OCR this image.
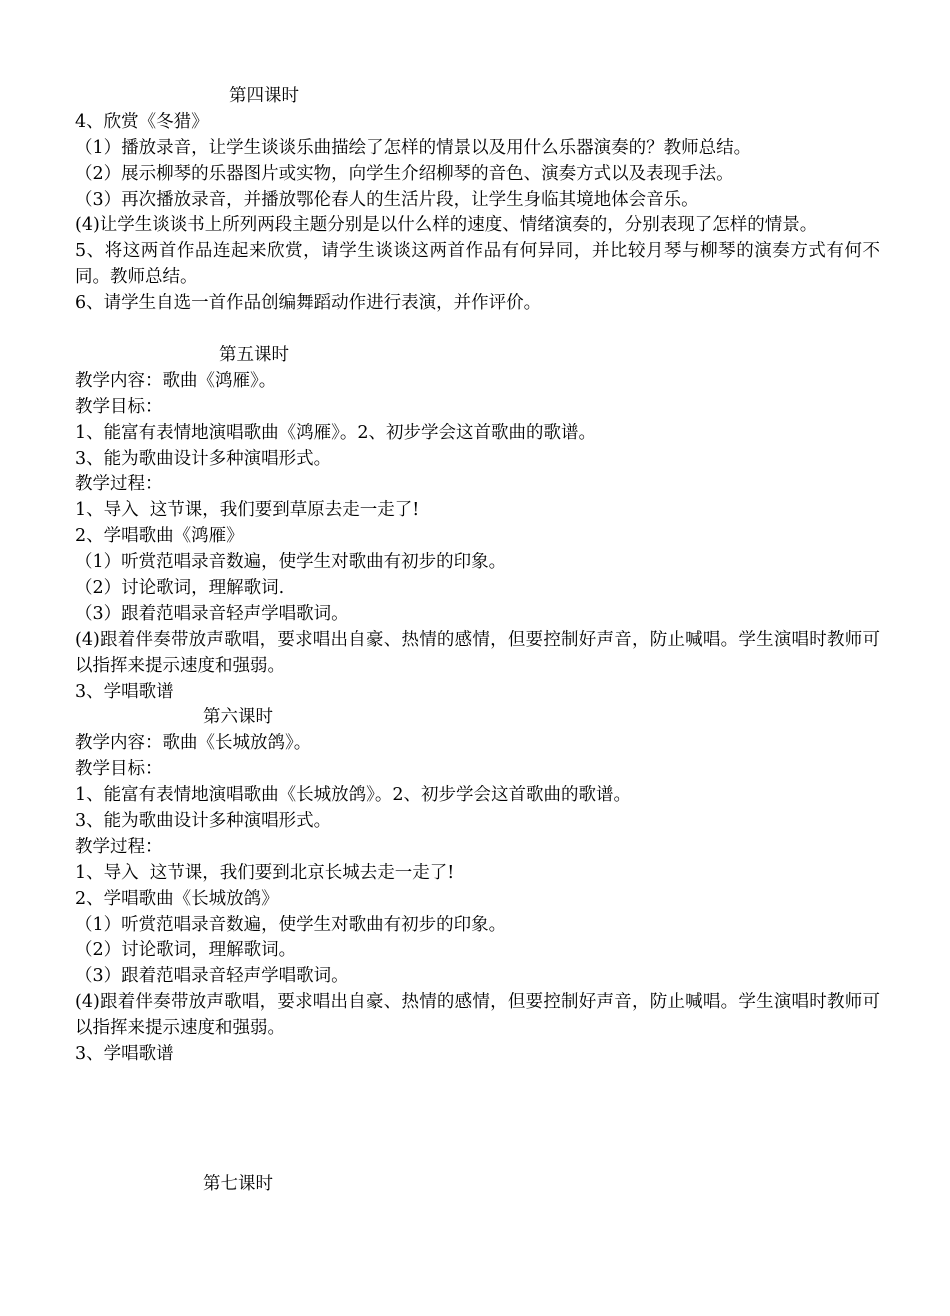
第四课时

4、欣赏《冬猎》

（1）播放录音，让学生谈谈乐曲描绘了怎样的情景以及用什么乐器演奏的？教师总结。

（2）展示柳琴的乐器图片或实物，向学生介绍柳琴的音色、演奏方式以及表现手法。

（3）再次播放录音，并播放鄂伦春人的生活片段，让学生身临其境地体会音乐。

(4)让学生谈谈书上所列两段主题分别是以什么样的速度、情绪演奏的，分别表现了怎样的情景。

5、将这两首作品连起来欣赏，请学生谈谈这两首作品有何异同，并比较月琴与柳琴的演奏方式有何不同。教师总结。

6、请学生自选一首作品创编舞蹈动作进行表演，并作评价。

第五课时

教学内容：歌曲《鸿雁》。

教学目标：

1、能富有表情地演唱歌曲《鸿雁》。2、初步学会这首歌曲的歌谱。

3、能为歌曲设计多种演唱形式。

教学过程：

1、导入  这节课，我们要到草原去走一走了!

2、学唱歌曲《鸿雁》

（1）听赏范唱录音数遍，使学生对歌曲有初步的印象。

（2）讨论歌词，理解歌词.

（3）跟着范唱录音轻声学唱歌词。

(4)跟着伴奏带放声歌唱，要求唱出自豪、热情的感情，但要控制好声音，防止喊唱。学生演唱时教师可以指挥来提示速度和强弱。

3、学唱歌谱

第六课时

教学内容：歌曲《长城放鸽》。

教学目标：

1、能富有表情地演唱歌曲《长城放鸽》。2、初步学会这首歌曲的歌谱。

3、能为歌曲设计多种演唱形式。

教学过程：

1、导入  这节课，我们要到北京长城去走一走了!

2、学唱歌曲《长城放鸽》

（1）听赏范唱录音数遍，使学生对歌曲有初步的印象。

（2）讨论歌词，理解歌词。

（3）跟着范唱录音轻声学唱歌词。

(4)跟着伴奏带放声歌唱，要求唱出自豪、热情的感情，但要控制好声音，防止喊唱。学生演唱时教师可以指挥来提示速度和强弱。

3、学唱歌谱

第七课时
